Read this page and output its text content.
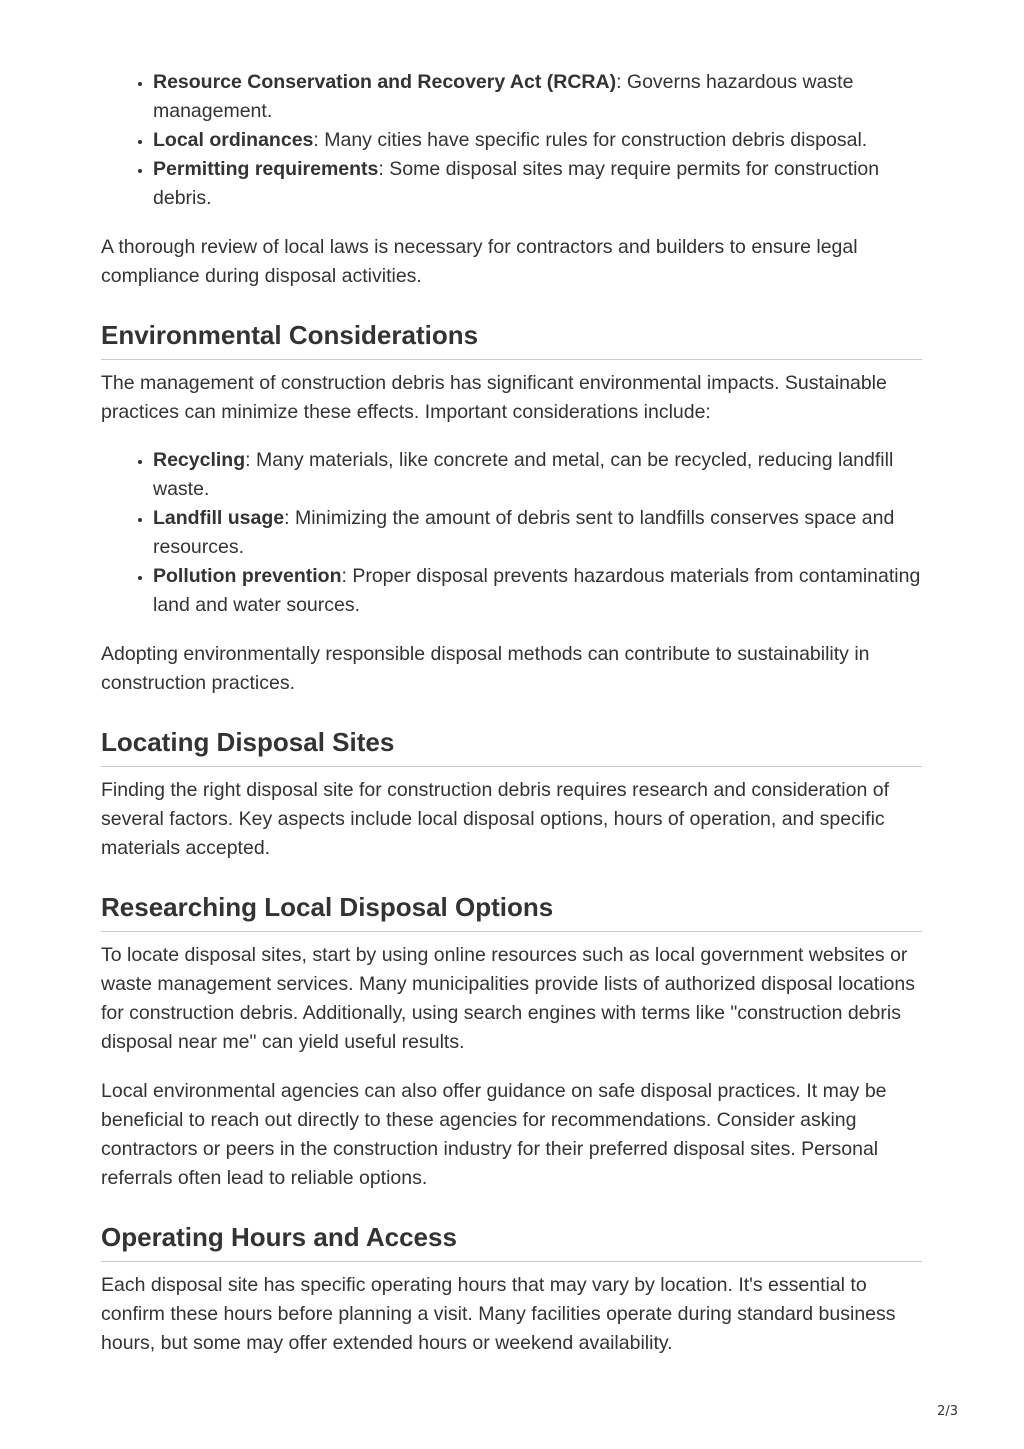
• Resource Conservation and Recovery Act (RCRA): Governs hazardous waste management.
• Local ordinances: Many cities have specific rules for construction debris disposal.
• Permitting requirements: Some disposal sites may require permits for construction debris.

A thorough review of local laws is necessary for contractors and builders to ensure legal compliance during disposal activities.

Environmental Considerations

The management of construction debris has significant environmental impacts. Sustainable practices can minimize these effects. Important considerations include:

• Recycling: Many materials, like concrete and metal, can be recycled, reducing landfill waste.
• Landfill usage: Minimizing the amount of debris sent to landfills conserves space and resources.
• Pollution prevention: Proper disposal prevents hazardous materials from contaminating land and water sources.

Adopting environmentally responsible disposal methods can contribute to sustainability in construction practices.

Locating Disposal Sites

Finding the right disposal site for construction debris requires research and consideration of several factors. Key aspects include local disposal options, hours of operation, and specific materials accepted.

Researching Local Disposal Options

To locate disposal sites, start by using online resources such as local government websites or waste management services. Many municipalities provide lists of authorized disposal locations for construction debris. Additionally, using search engines with terms like "construction debris disposal near me" can yield useful results.

Local environmental agencies can also offer guidance on safe disposal practices. It may be beneficial to reach out directly to these agencies for recommendations. Consider asking contractors or peers in the construction industry for their preferred disposal sites. Personal referrals often lead to reliable options.

Operating Hours and Access

Each disposal site has specific operating hours that may vary by location. It's essential to confirm these hours before planning a visit. Many facilities operate during standard business hours, but some may offer extended hours or weekend availability.

2/3
